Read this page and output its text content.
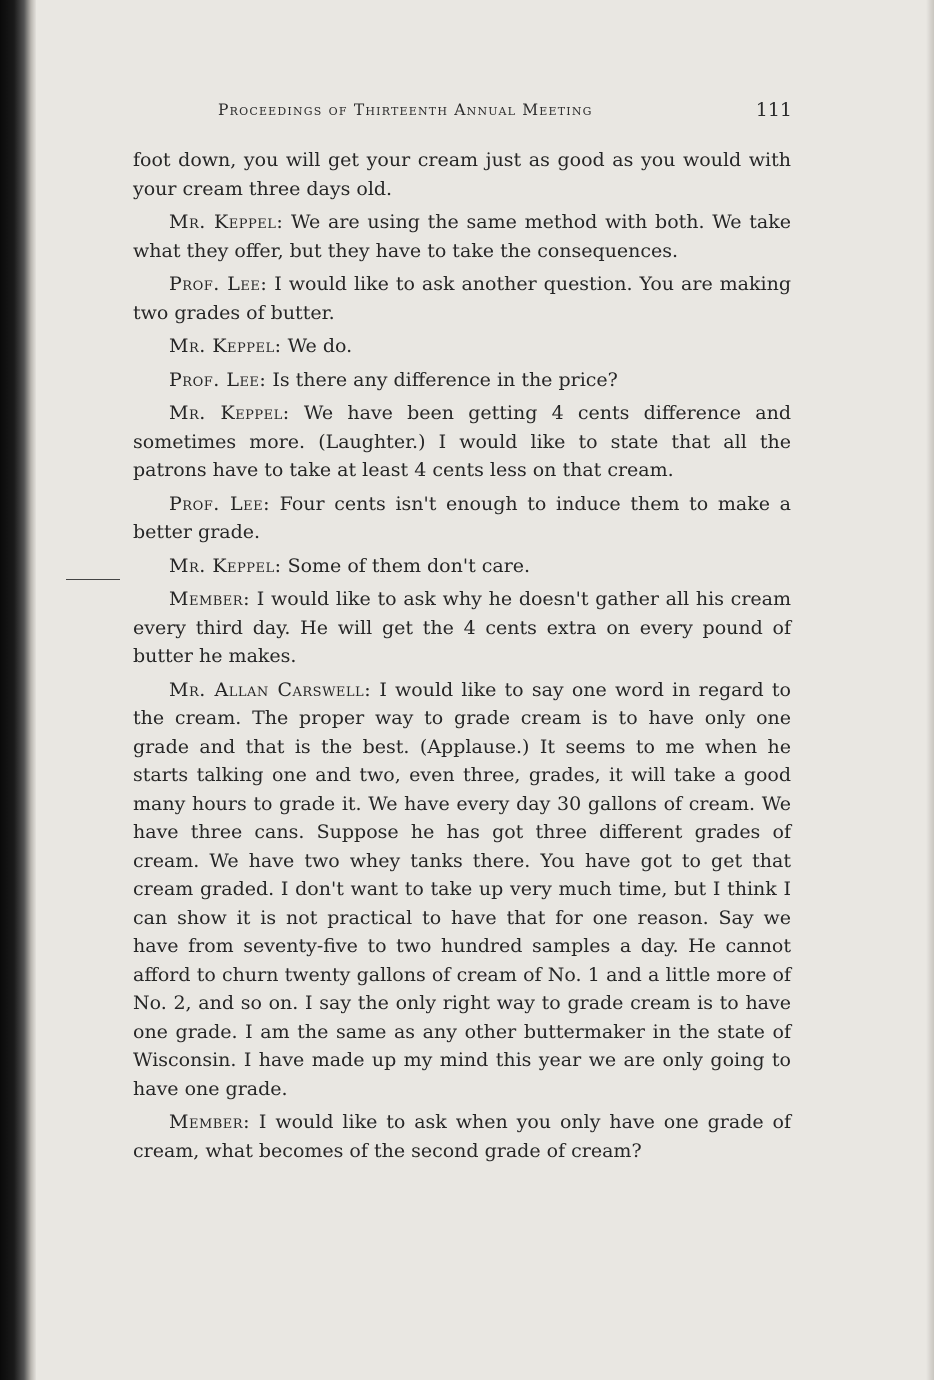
Proceedings of Thirteenth Annual Meeting	111

foot down, you will get your cream just as good as you would with your cream three days old.

Mr. Keppel: We are using the same method with both. We take what they offer, but they have to take the consequences.

Prof. Lee: I would like to ask another question. You are making two grades of butter.

Mr. Keppel: We do.

Prof. Lee: Is there any difference in the price?

Mr. Keppel: We have been getting 4 cents difference and sometimes more. (Laughter.) I would like to state that all the patrons have to take at least 4 cents less on that cream.

Prof. Lee: Four cents isn't enough to induce them to make a better grade.

Mr. Keppel: Some of them don't care.

Member: I would like to ask why he doesn't gather all his cream every third day. He will get the 4 cents extra on every pound of butter he makes.

Mr. Allan Carswell: I would like to say one word in regard to the cream. The proper way to grade cream is to have only one grade and that is the best. (Applause.) It seems to me when he starts talking one and two, even three, grades, it will take a good many hours to grade it. We have every day 30 gallons of cream. We have three cans. Suppose he has got three different grades of cream. We have two whey tanks there. You have got to get that cream graded. I don't want to take up very much time, but I think I can show it is not practical to have that for one reason. Say we have from seventy-five to two hundred samples a day. He cannot afford to churn twenty gallons of cream of No. 1 and a little more of No. 2, and so on. I say the only right way to grade cream is to have one grade. I am the same as any other buttermaker in the state of Wisconsin. I have made up my mind this year we are only going to have one grade.

Member: I would like to ask when you only have one grade of cream, what becomes of the second grade of cream?
